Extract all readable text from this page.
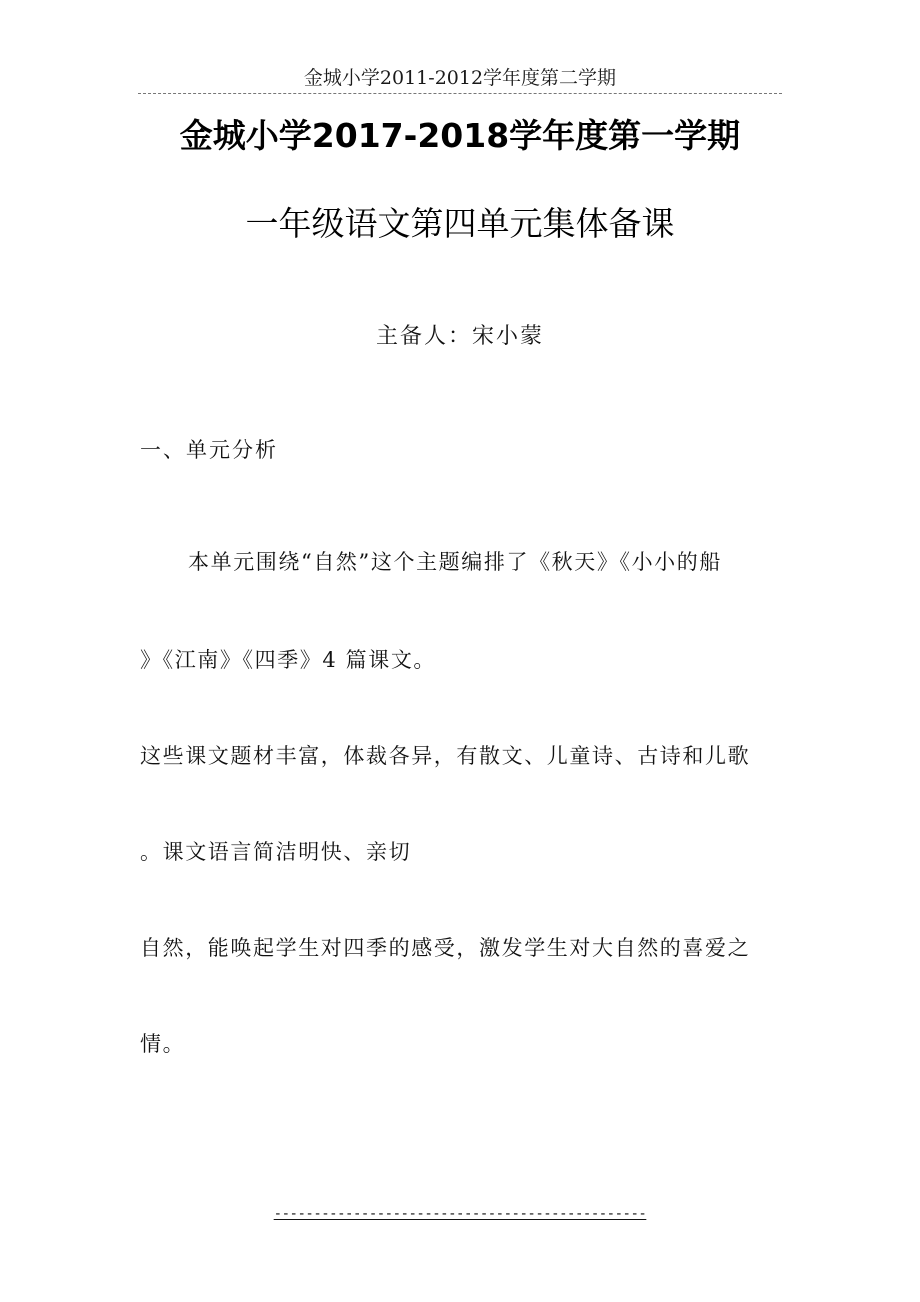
金城小学2011-2012学年度第二学期
金城小学2017-2018学年度第一学期
一年级语文第四单元集体备课
主备人：宋小蒙
一、单元分析
本单元围绕“自然”这个主题编排了《秋天》《小小的船
》《江南》《四季》4 篇课文。
这些课文题材丰富，体裁各异，有散文、儿童诗、古诗和儿歌
。课文语言简洁明快、亲切
自然，能唤起学生对四季的感受，激发学生对大自然的喜爱之
情。
-----------------------------------------------
